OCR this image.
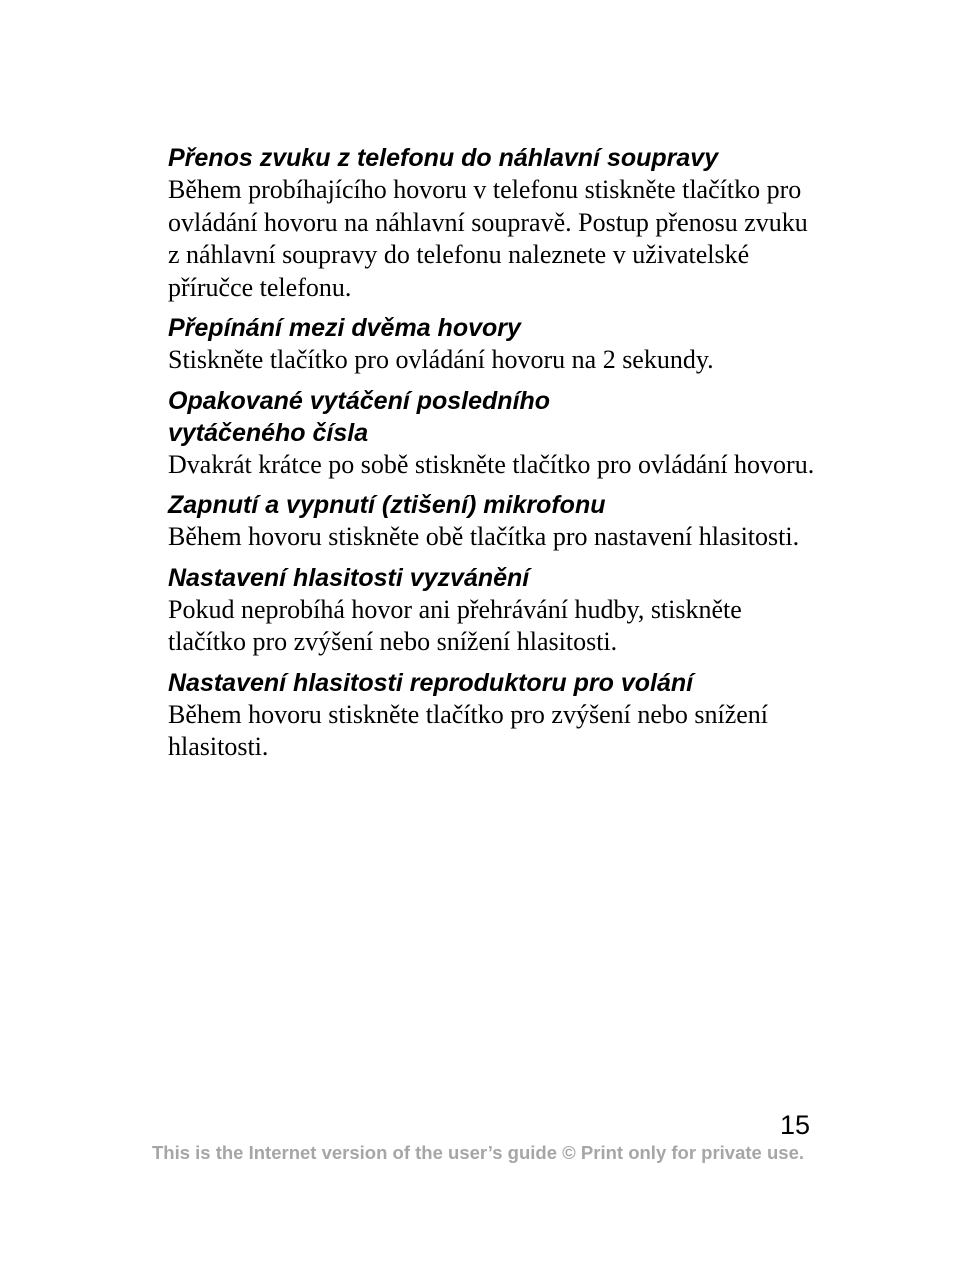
Přenos zvuku z telefonu do náhlavní soupravy

Během probíhajícího hovoru v telefonu stiskněte tlačítko pro ovládání hovoru na náhlavní soupravě. Postup přenosu zvuku z náhlavní soupravy do telefonu naleznete v uživatelské příručce telefonu.

Přepínání mezi dvěma hovory

Stiskněte tlačítko pro ovládání hovoru na 2 sekundy.

Opakované vytáčení posledního vytáčeného čísla

Dvakrát krátce po sobě stiskněte tlačítko pro ovládání hovoru.

Zapnutí a vypnutí (ztišení) mikrofonu

Během hovoru stiskněte obě tlačítka pro nastavení hlasitosti.

Nastavení hlasitosti vyzvánění

Pokud neprobíhá hovor ani přehrávání hudby, stiskněte tlačítko pro zvýšení nebo snížení hlasitosti.

Nastavení hlasitosti reproduktoru pro volání

Během hovoru stiskněte tlačítko pro zvýšení nebo snížení hlasitosti.

15
This is the Internet version of the user’s guide © Print only for private use.
